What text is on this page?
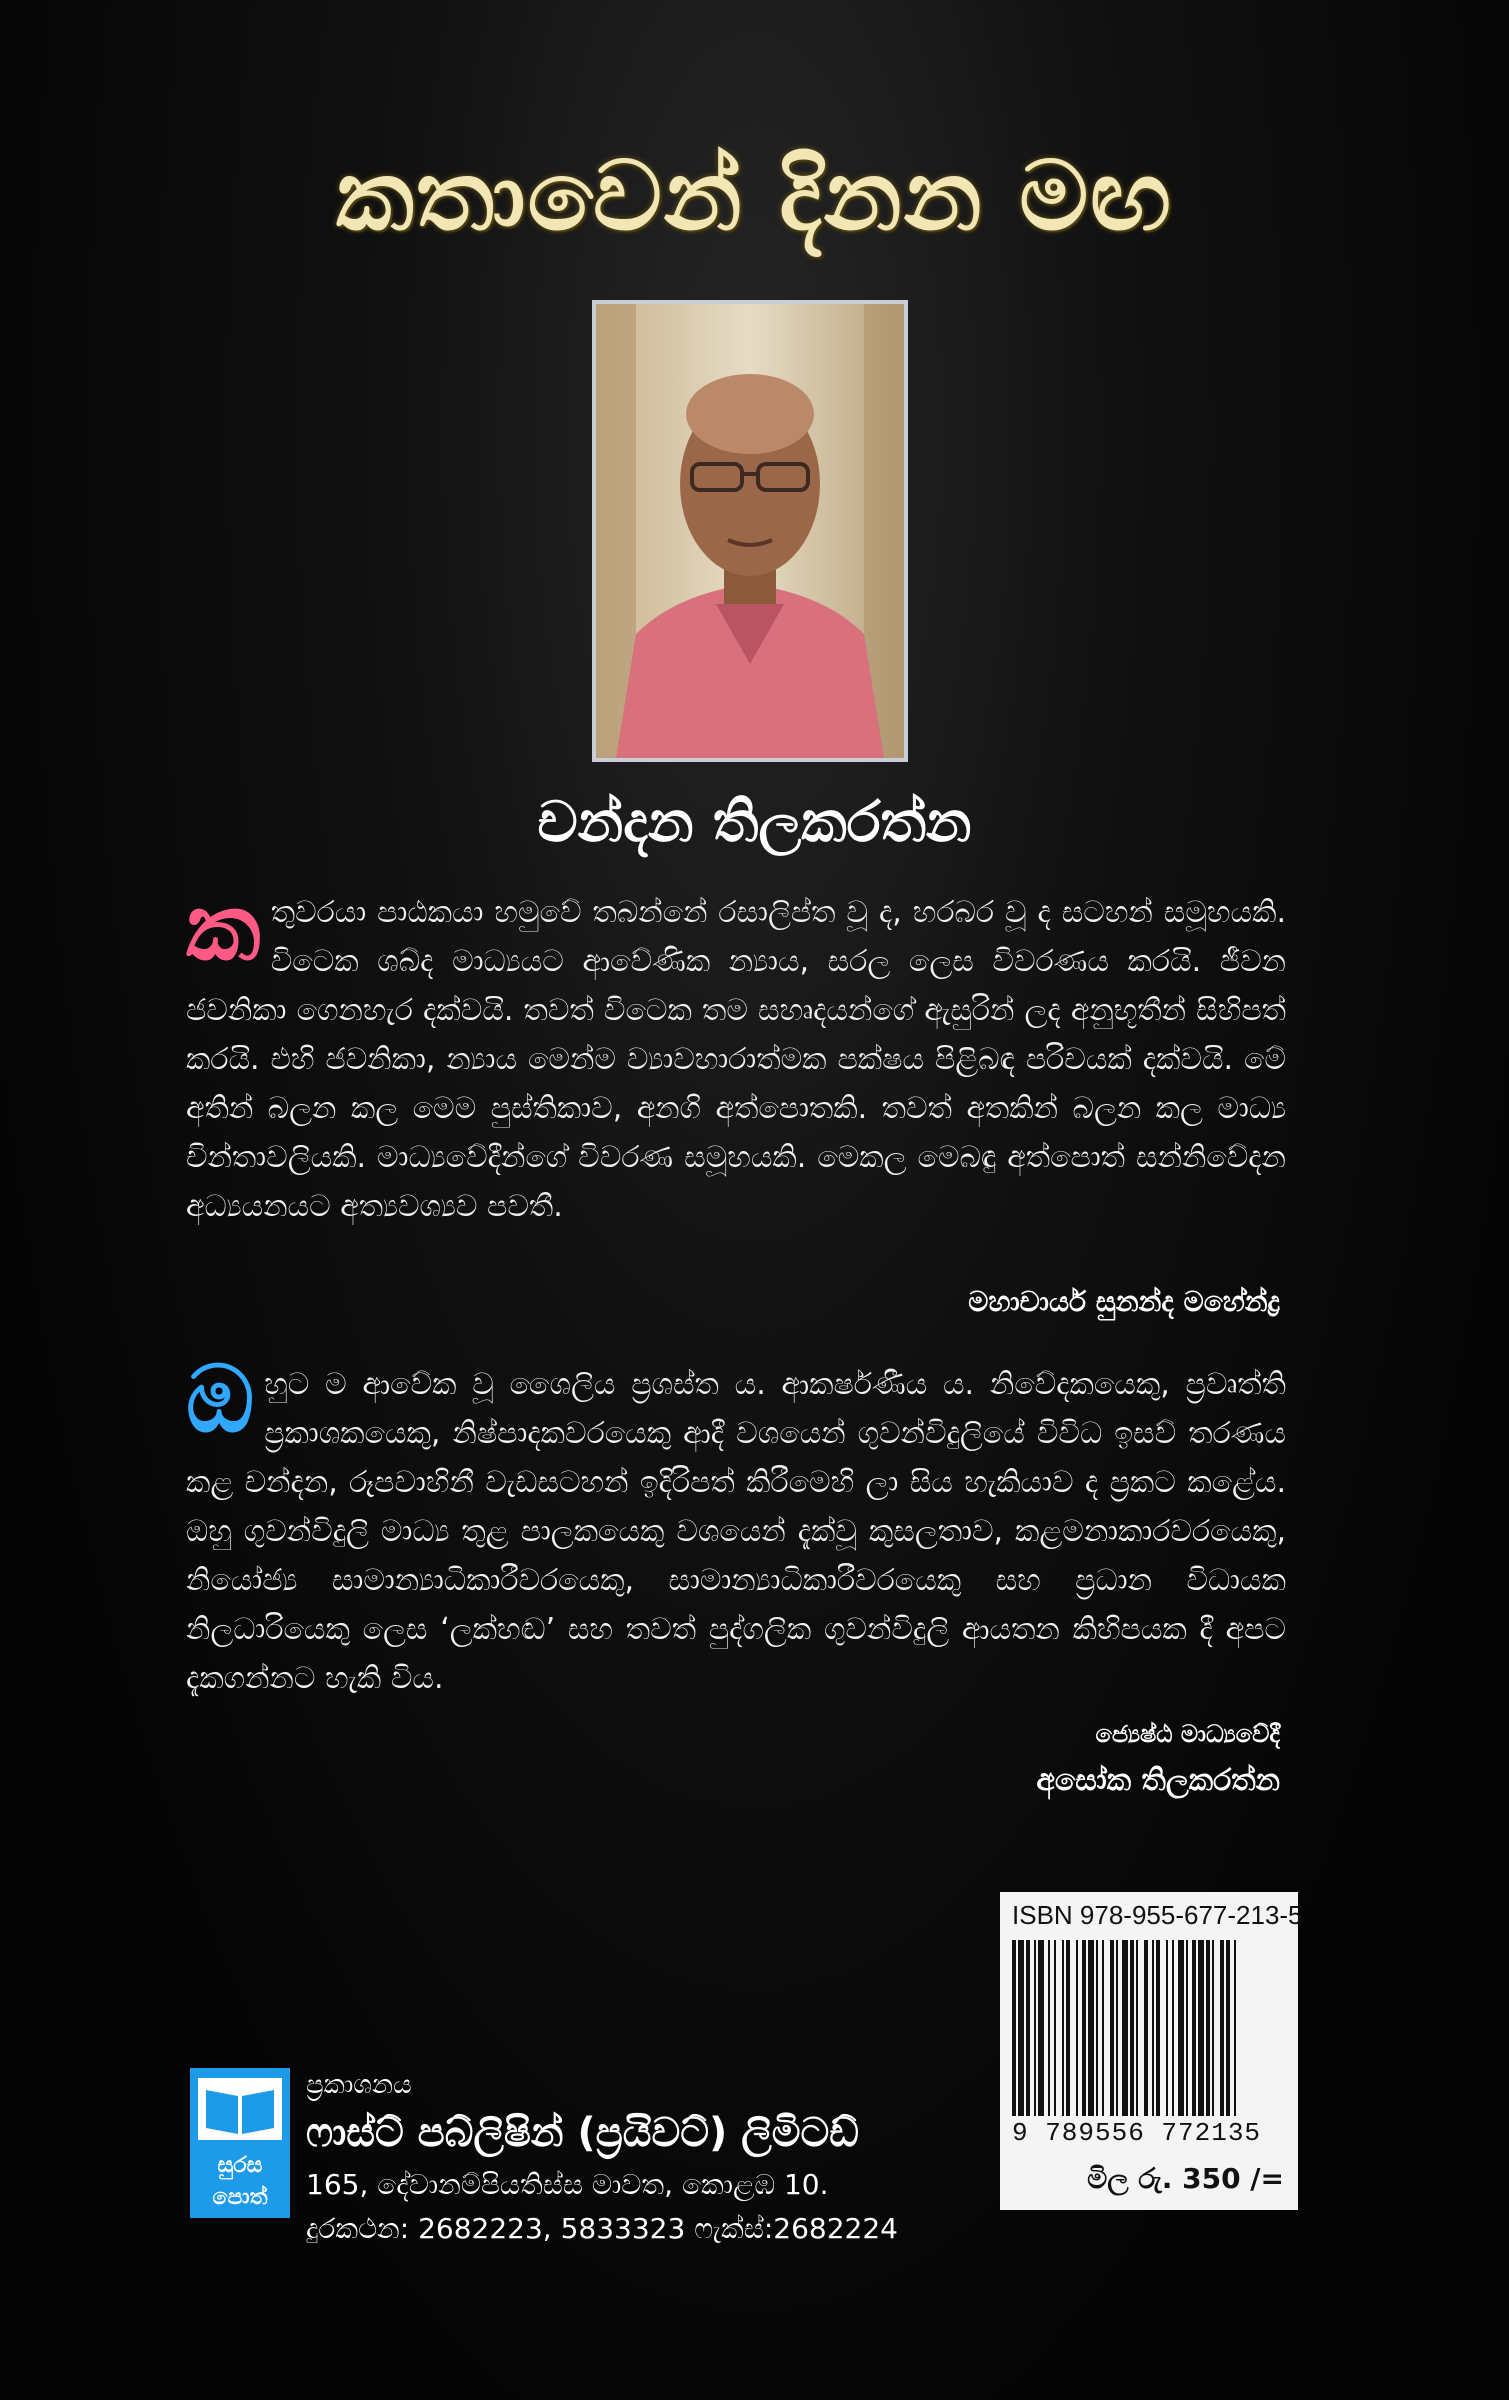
කතාවෙන් දිනන මඟ
චන්දන තිලකරත්න
ක තුවරයා පාඨකයා හමුවේ තබන්නේ රසාලිප්ත වූ ද, හරබර වූ ද සටහන් සමූහයකි. විටෙක ශබ්ද මාධ්‍යයට ආවේණික න්‍යාය, සරල ලෙස විවරණය කරයි. ජීවන ජවනිකා ගෙනහැර දක්වයි. තවත් විටෙක තම සහෘදයන්ගේ ඇසුරින් ලද අනුභූතීන් සිහිපත් කරයි. එහි ජවනිකා, න්‍යාය මෙන්ම ව්‍යාවහාරාත්මක පක්ෂය පිළිබඳ පරිචයක් දක්වයි. මේ අතින් බලන කල මෙම පුස්තිකාව, අනගි අත්පොතකි. තවත් අතකින් බලන කල මාධ්‍ය චින්තාවලියකි. මාධ්‍යවේදීන්ගේ විවරණ සමූහයකි. මෙකල මෙබඳු අත්පොත් සන්නිවේදන අධ්‍යයනයට අත්‍යවශ්‍යව පවතී.
මහාචාර්ය සුනන්ද මහේන්ද්‍ර
ඔ හුට ම ආවේක වූ ශෛලිය ප්‍රශස්ත ය. ආකර්ෂණීය ය. නිවේදකයෙකු, ප්‍රවෘත්ති ප්‍රකාශකයෙකු, නිෂ්පාදකවරයෙකු ආදී වශයෙන් ගුවන්විදුලියේ විවිධ ඉසව් තරණය කළ චන්දන, රූපවාහිනී වැඩසටහන් ඉදිරිපත් කිරීමෙහි ලා සිය හැකියාව ද ප්‍රකට කළේය. ඔහු ගුවන්විදුලි මාධ්‍ය තුළ පාලකයෙකු වශයෙන් දැක්වූ කුසලතාව, කළමනාකාරවරයෙකු, නියෝජ්‍ය සාමාන්‍යාධිකාරීවරයෙකු, සාමාන්‍යාධිකාරීවරයෙකු සහ ප්‍රධාන විධායක නිලධාරියෙකු ලෙස ‘ලක්හඬ’ සහ තවත් පුද්ගලික ගුවන්විදුලි ආයතන කිහිපයක දී අපට දැකගන්නට හැකි විය.
ජ්‍යෙෂ්ඨ මාධ්‍යවේදී
අසෝක තිලකරත්න
ISBN 978-955-677-213-5
9 789556 772135
මිල රු. 350 /=
සුරස
පොත්
ප්‍රකාශනය
ෆාස්ට් පබ්ලිෂින් (ප්‍රයිවට්) ලිමිටඩ්
165, දේවානම්පියතිස්ස මාවත, කොළඹ 10.
දුරකථන: 2682223, 5833323 ෆැක්ස්:2682224
